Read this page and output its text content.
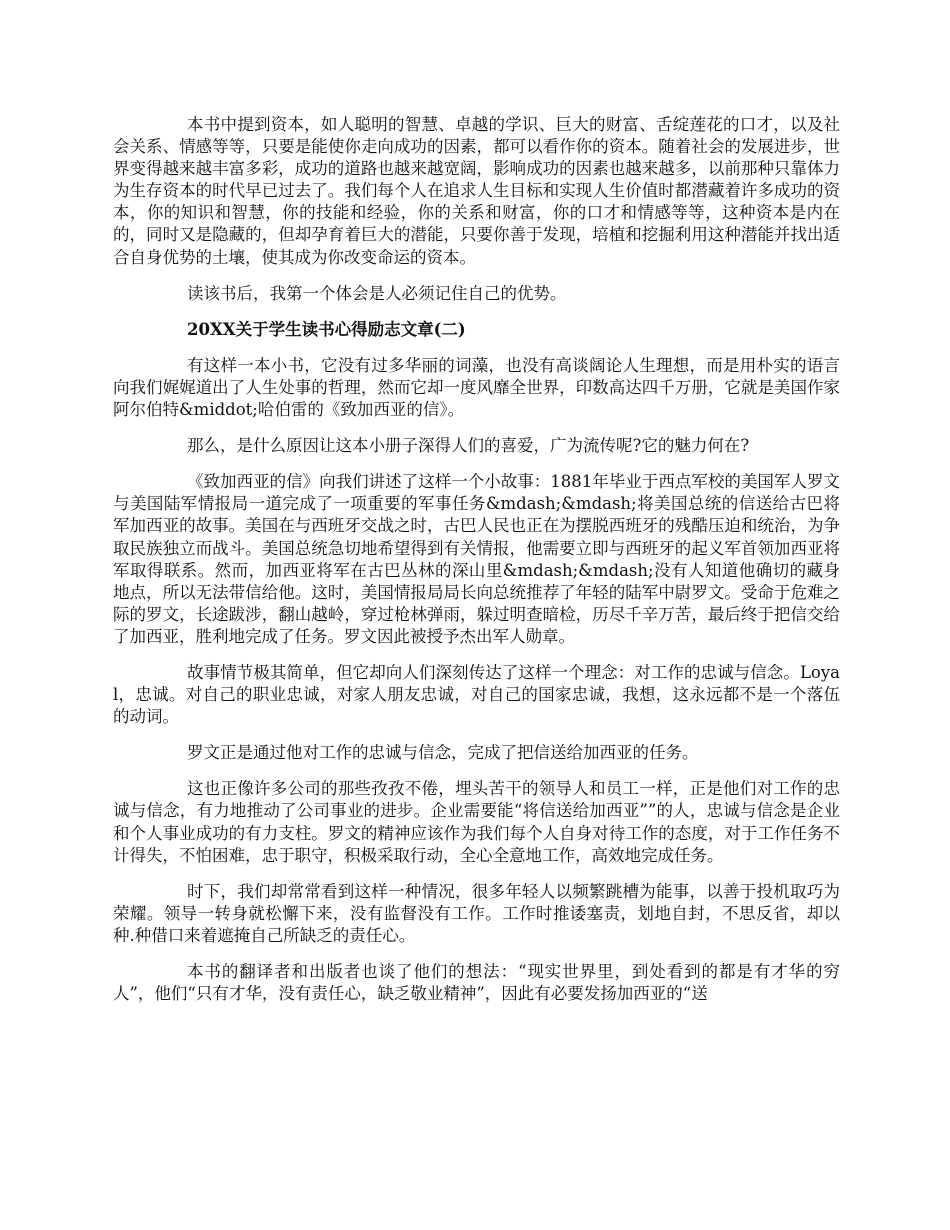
本书中提到资本，如人聪明的智慧、卓越的学识、巨大的财富、舌绽莲花的口才，以及社会关系、情感等等，只要是能使你走向成功的因素，都可以看作你的资本。随着社会的发展进步，世界变得越来越丰富多彩，成功的道路也越来越宽阔，影响成功的因素也越来越多，以前那种只靠体力为生存资本的时代早已过去了。我们每个人在追求人生目标和实现人生价值时都潜藏着许多成功的资本，你的知识和智慧，你的技能和经验，你的关系和财富，你的口才和情感等等，这种资本是内在的，同时又是隐藏的，但却孕育着巨大的潜能，只要你善于发现，培植和挖掘利用这种潜能并找出适合自身优势的土壤，使其成为你改变命运的资本。

读该书后，我第一个体会是人必须记住自己的优势。

20XX关于学生读书心得励志文章(二)

有这样一本小书，它没有过多华丽的词藻，也没有高谈阔论人生理想，而是用朴实的语言向我们娓娓道出了人生处事的哲理，然而它却一度风靡全世界，印数高达四千万册，它就是美国作家阿尔伯特&middot;哈伯雷的《致加西亚的信》。

那么，是什么原因让这本小册子深得人们的喜爱，广为流传呢?它的魅力何在?

《致加西亚的信》向我们讲述了这样一个小故事：1881年毕业于西点军校的美国军人罗文与美国陆军情报局一道完成了一项重要的军事任务&mdash;&mdash;将美国总统的信送给古巴将军加西亚的故事。美国在与西班牙交战之时，古巴人民也正在为摆脱西班牙的残酷压迫和统治，为争取民族独立而战斗。美国总统急切地希望得到有关情报，他需要立即与西班牙的起义军首领加西亚将军取得联系。然而，加西亚将军在古巴丛林的深山里&mdash;&mdash;没有人知道他确切的藏身地点，所以无法带信给他。这时，美国情报局局长向总统推荐了年轻的陆军中尉罗文。受命于危难之际的罗文，长途跋涉，翻山越岭，穿过枪林弹雨，躲过明查暗检，历尽千辛万苦，最后终于把信交给了加西亚，胜利地完成了任务。罗文因此被授予杰出军人勋章。

故事情节极其简单，但它却向人们深刻传达了这样一个理念：对工作的忠诚与信念。Loyal，忠诚。对自己的职业忠诚，对家人朋友忠诚，对自己的国家忠诚，我想，这永远都不是一个落伍的动词。

罗文正是通过他对工作的忠诚与信念，完成了把信送给加西亚的任务。

这也正像许多公司的那些孜孜不倦，埋头苦干的领导人和员工一样，正是他们对工作的忠诚与信念，有力地推动了公司事业的进步。企业需要能“将信送给加西亚””的人，忠诚与信念是企业和个人事业成功的有力支柱。罗文的精神应该作为我们每个人自身对待工作的态度，对于工作任务不计得失，不怕困难，忠于职守，积极采取行动，全心全意地工作，高效地完成任务。

时下，我们却常常看到这样一种情况，很多年轻人以频繁跳槽为能事，以善于投机取巧为荣耀。领导一转身就松懈下来，没有监督没有工作。工作时推诿塞责，划地自封，不思反省，却以种.种借口来着遮掩自己所缺乏的责任心。

本书的翻译者和出版者也谈了他们的想法：“现实世界里，到处看到的都是有才华的穷人”，他们“只有才华，没有责任心，缺乏敬业精神”，因此有必要发扬加西亚的“送
